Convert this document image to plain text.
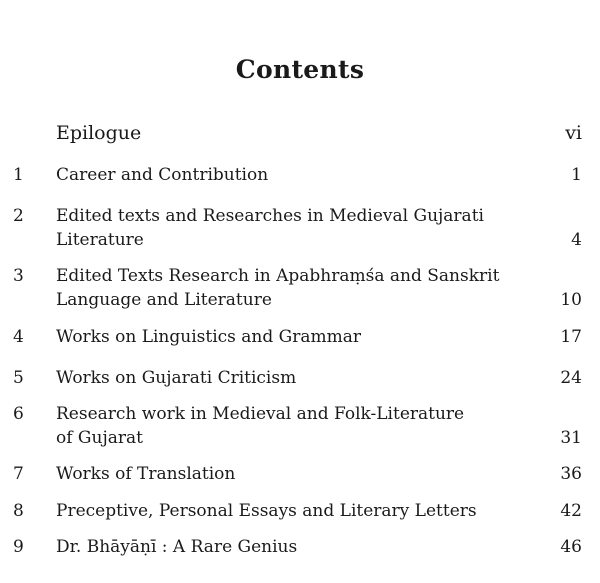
Contents
Epilogue	vi
1 Career and Contribution	1
2 Edited texts and Researches in Medieval Gujarati
Literature	4
3 Edited Texts Research in Apabhraṃśa and Sanskrit
Language and Literature	10
4 Works on Linguistics and Grammar	17
5 Works on Gujarati Criticism	24
6 Research work in Medieval and Folk-Literature
of Gujarat	31
7 Works of Translation	36
8 Preceptive, Personal Essays and Literary Letters	42
9 Dr. Bhāyāṇī : A Rare Genius	46
